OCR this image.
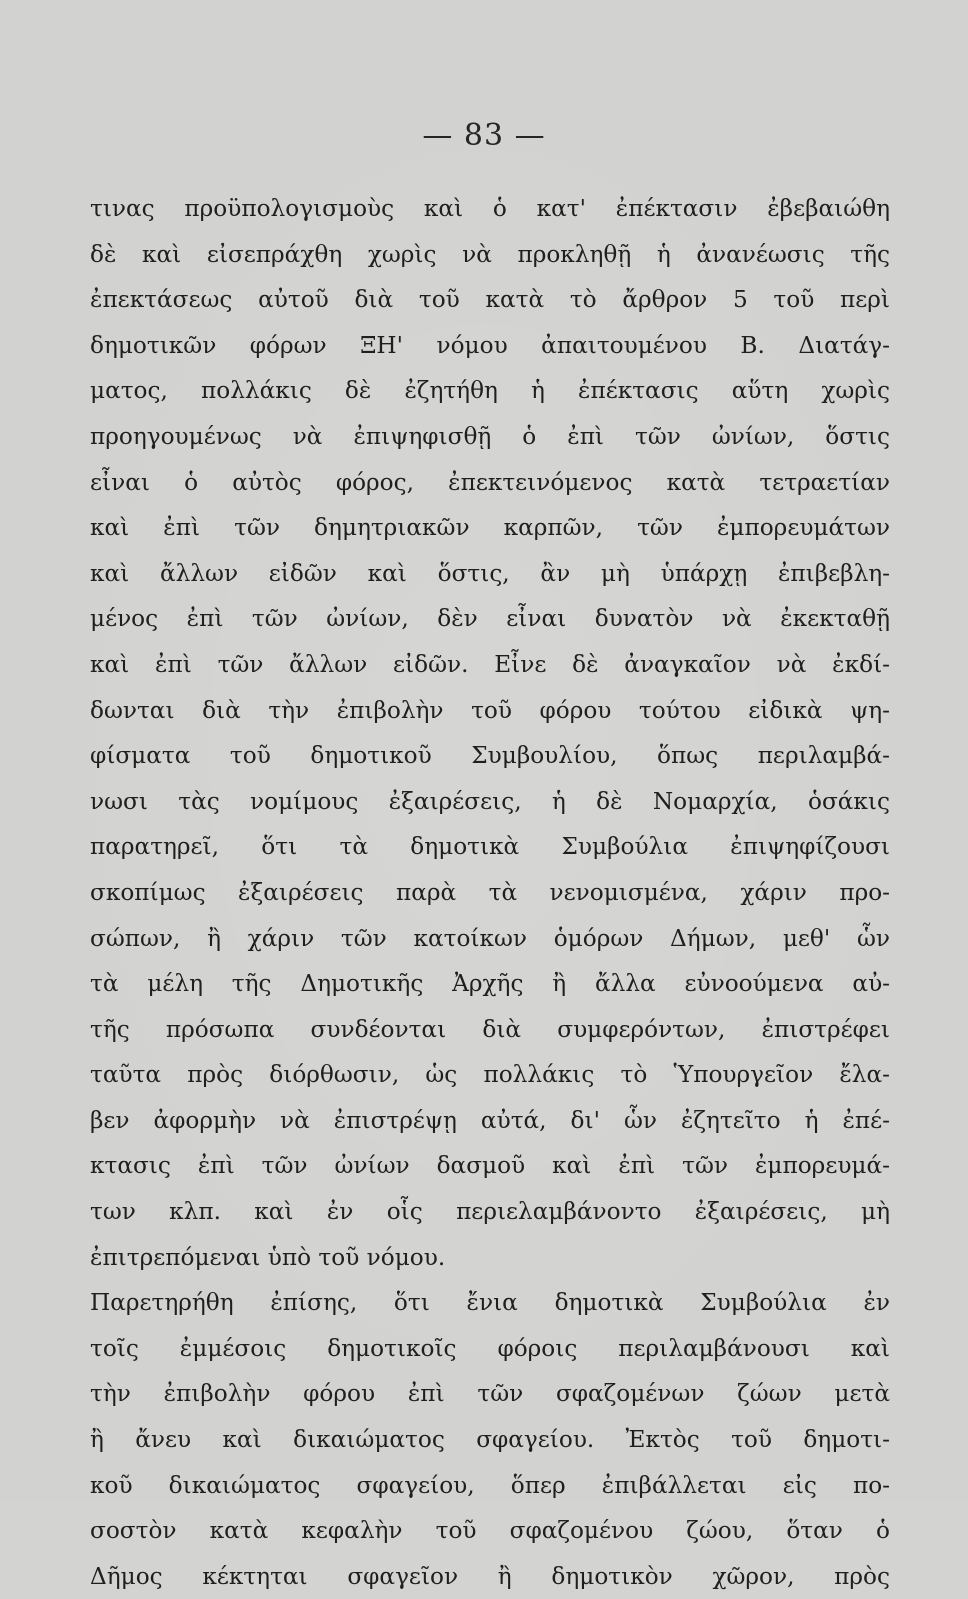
— 83 —
τινας προϋπολογισμοὺς καὶ ὁ κατ' ἐπέκτασιν ἐβεβαιώθη
δὲ καὶ εἰσεπράχθη χωρὶς νὰ προκληθῇ ἡ ἀνανέωσις τῆς
ἐπεκτάσεως αὐτοῦ διὰ τοῦ κατὰ τὸ ἄρθρον 5 τοῦ περὶ
δημοτικῶν φόρων ΞΗ' νόμου ἀπαιτουμένου Β. Διατάγ-
ματος, πολλάκις δὲ ἐζητήθη ἡ ἐπέκτασις αὕτη χωρὶς
προηγουμένως νὰ ἐπιψηφισθῇ ὁ ἐπὶ τῶν ὠνίων, ὅστις
εἶναι ὁ αὐτὸς φόρος, ἐπεκτεινόμενος κατὰ τετραετίαν
καὶ ἐπὶ τῶν δημητριακῶν καρπῶν, τῶν ἐμπορευμάτων
καὶ ἄλλων εἰδῶν καὶ ὅστις, ἂν μὴ ὑπάρχῃ ἐπιβεβλη-
μένος ἐπὶ τῶν ὠνίων, δὲν εἶναι δυνατὸν νὰ ἐκεκταθῇ
καὶ ἐπὶ τῶν ἄλλων εἰδῶν. Εἶνε δὲ ἀναγκαῖον νὰ ἐκδί-
δωνται διὰ τὴν ἐπιβολὴν τοῦ φόρου τούτου εἰδικὰ ψη-
φίσματα τοῦ δημοτικοῦ Συμβουλίου, ὅπως περιλαμβά-
νωσι τὰς νομίμους ἐξαιρέσεις, ἡ δὲ Νομαρχία, ὁσάκις
παρατηρεῖ, ὅτι τὰ δημοτικὰ Συμβούλια ἐπιψηφίζουσι
σκοπίμως ἐξαιρέσεις παρὰ τὰ νενομισμένα, χάριν προ-
σώπων, ἢ χάριν τῶν κατοίκων ὁμόρων Δήμων, μεθ' ὧν
τὰ μέλη τῆς Δημοτικῆς Ἀρχῆς ἢ ἄλλα εὐνοούμενα αὐ-
τῆς πρόσωπα συνδέονται διὰ συμφερόντων, ἐπιστρέφει
ταῦτα πρὸς διόρθωσιν, ὡς πολλάκις τὸ Ὑπουργεῖον ἔλα-
βεν ἀφορμὴν νὰ ἐπιστρέψῃ αὐτά, δι' ὧν ἐζητεῖτο ἡ ἐπέ-
κτασις ἐπὶ τῶν ὠνίων δασμοῦ καὶ ἐπὶ τῶν ἐμπορευμά-
των κλπ. καὶ ἐν οἷς περιελαμβάνοντο ἐξαιρέσεις, μὴ
ἐπιτρεπόμεναι ὑπὸ τοῦ νόμου.
Παρετηρήθη ἐπίσης, ὅτι ἔνια δημοτικὰ Συμβούλια ἐν
τοῖς ἐμμέσοις δημοτικοῖς φόροις περιλαμβάνουσι καὶ
τὴν ἐπιβολὴν φόρου ἐπὶ τῶν σφαζομένων ζώων μετὰ
ἢ ἄνευ καὶ δικαιώματος σφαγείου. Ἐκτὸς τοῦ δημοτι-
κοῦ δικαιώματος σφαγείου, ὅπερ ἐπιβάλλεται εἰς πο-
σοστὸν κατὰ κεφαλὴν τοῦ σφαζομένου ζώου, ὅταν ὁ
Δῆμος κέκτηται σφαγεῖον ἢ δημοτικὸν χῶρον, πρὸς
